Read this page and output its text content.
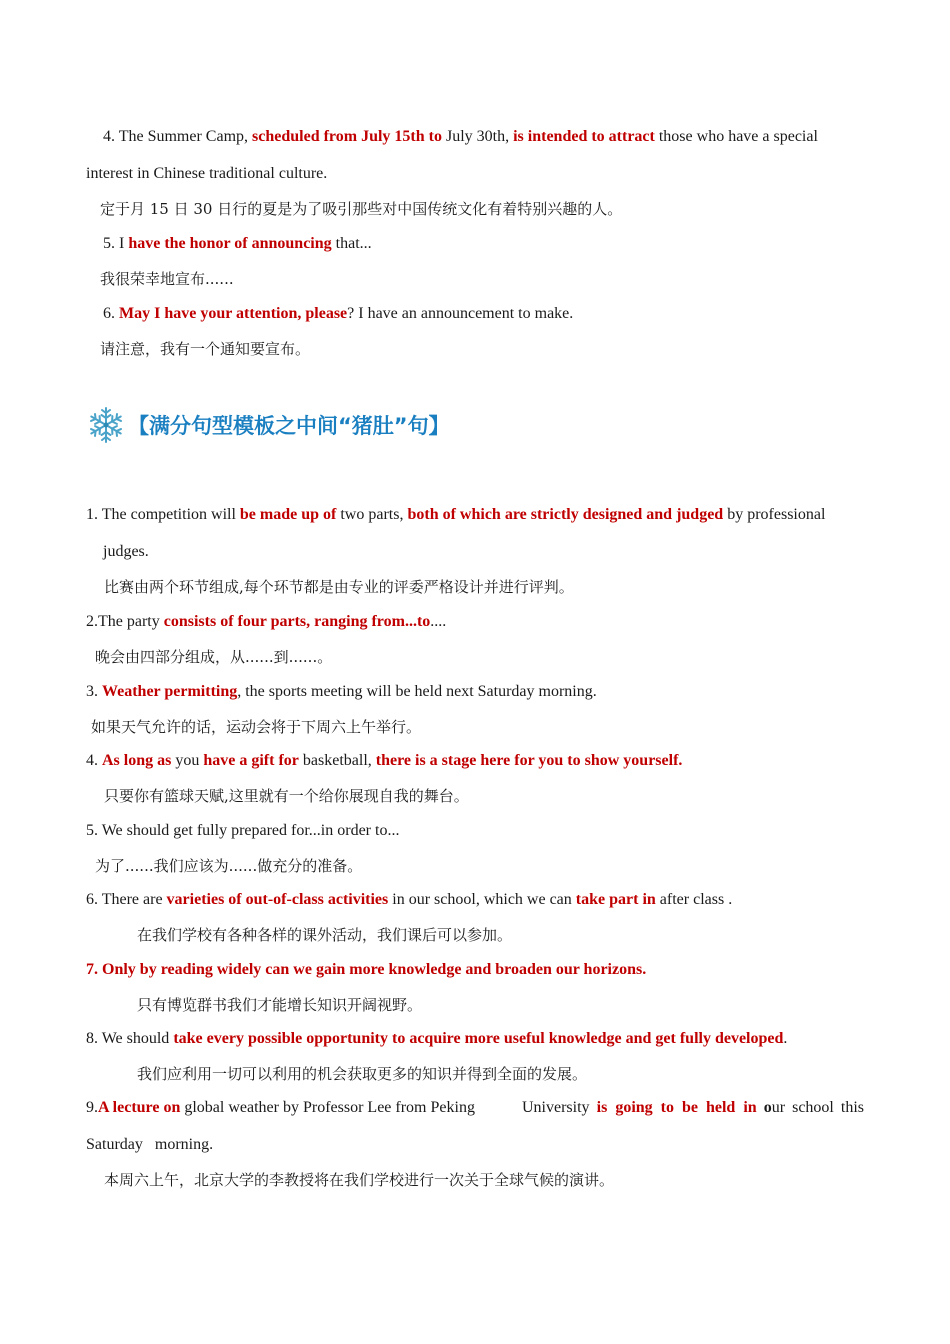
4. The Summer Camp, scheduled from July 15th to July 30th, is intended to attract those who have a special
interest in Chinese traditional culture.
定于月 15 日 30 日行的夏是为了吸引那些对中国传统文化有着特别兴趣的人。
5. I have the honor of announcing that...
我很荣幸地宣布......
6. May I have your attention, please? I have an announcement to make.
请注意，我有一个通知要宣布。
【满分句型模板之中间“猪肚”句】
1. The competition will be made up of two parts, both of which are strictly designed and judged by professional
judges.
比赛由两个环节组成,每个环节都是由专业的评委严格设计并进行评判。
2.The party consists of four parts, ranging from...to....
晚会由四部分组成，从......到......。
3. Weather permitting, the sports meeting will be held next Saturday morning.
如果天气允许的话，运动会将于下周六上午举行。
4. As long as you have a gift for basketball, there is a stage here for you to show yourself.
只要你有篮球天赋,这里就有一个给你展现自我的舞台。
5. We should get fully prepared for...in order to...
为了......我们应该为......做充分的准备。
6. There are varieties of out-of-class activities in our school, which we can take part in after class .
在我们学校有各种各样的课外活动，我们课后可以参加。
7. Only by reading widely can we gain more knowledge and broaden our horizons.
只有博览群书我们才能增长知识开阔视野。
8. We should take every possible opportunity to acquire more useful knowledge and get fully developed.
我们应利用一切可以利用的机会获取更多的知识并得到全面的发展。
9.A lecture on global weather by Professor Lee from Peking	University is going to be held in our school this
Saturday   morning.
本周六上午，北京大学的李教授将在我们学校进行一次关于全球气候的演讲。
